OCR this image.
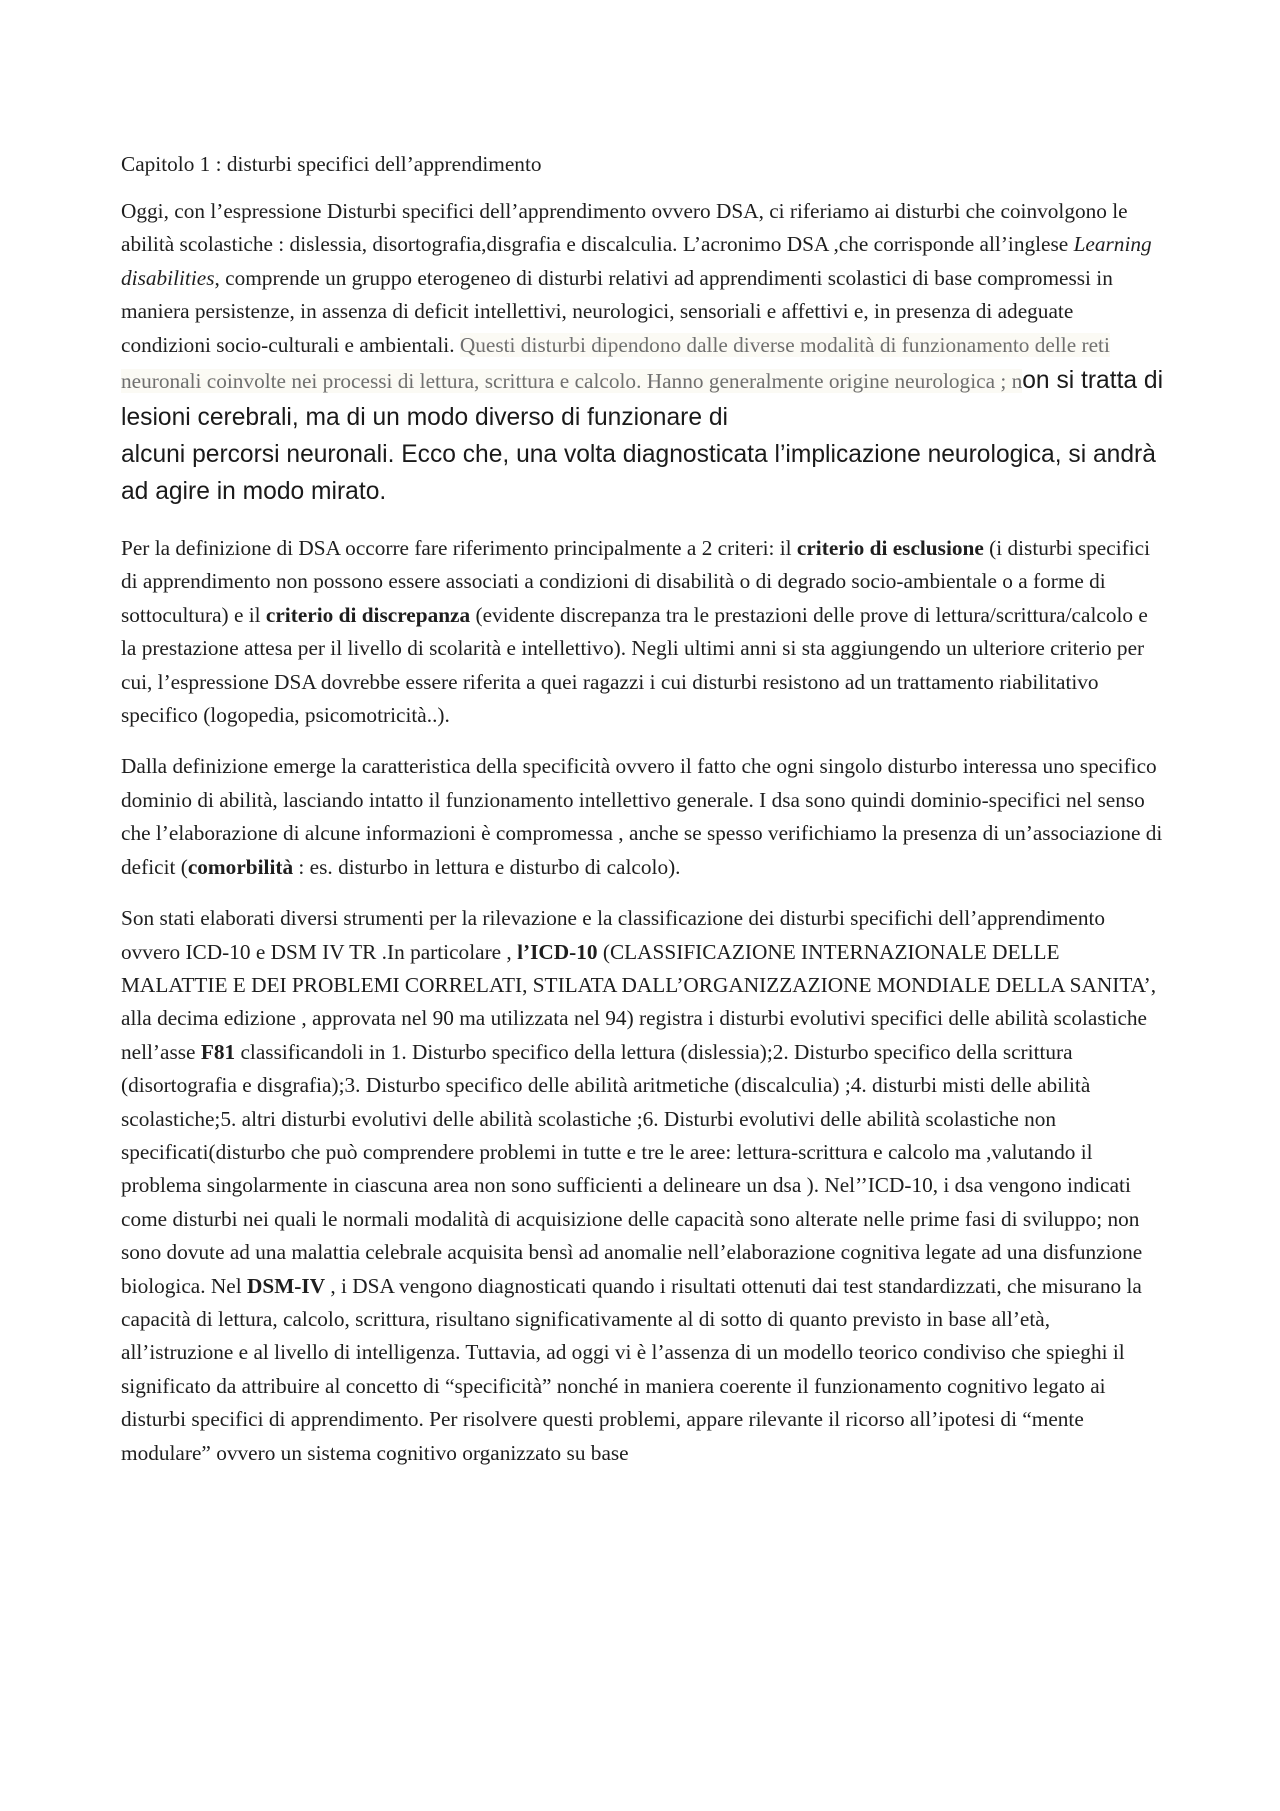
Capitolo 1 : disturbi specifici dell’apprendimento

Oggi, con l’espressione Disturbi specifici dell’apprendimento ovvero DSA, ci riferiamo ai disturbi che coinvolgono le abilità scolastiche : dislessia, disortografia,disgrafia e discalculia. L’acronimo DSA ,che corrisponde all’inglese Learning disabilities, comprende un gruppo eterogeneo di disturbi relativi ad apprendimenti scolastici di base compromessi in maniera persistenze, in assenza di deficit intellettivi, neurologici, sensoriali e affettivi e, in presenza di adeguate condizioni socio-culturali e ambientali. Questi disturbi dipendono dalle diverse modalità di funzionamento delle reti neuronali coinvolte nei processi di lettura, scrittura e calcolo. Hanno generalmente origine neurologica ; non si tratta di lesioni cerebrali, ma di un modo diverso di funzionare di
alcuni percorsi neuronali. Ecco che, una volta diagnosticata l’implicazione neurologica, si andrà ad agire in modo mirato.

Per la definizione di DSA occorre fare riferimento principalmente a 2 criteri: il criterio di esclusione (i disturbi specifici di apprendimento non possono essere associati a condizioni di disabilità o di degrado socio-ambientale o a forme di sottocultura) e il criterio di discrepanza (evidente discrepanza tra le prestazioni delle prove di lettura/scrittura/calcolo e la prestazione attesa per il livello di scolarità e intellettivo). Negli ultimi anni si sta aggiungendo un ulteriore criterio per cui, l’espressione DSA dovrebbe essere riferita a quei ragazzi i cui disturbi resistono ad un trattamento riabilitativo specifico (logopedia, psicomotricità..).

Dalla definizione emerge la caratteristica della specificità ovvero il fatto che ogni singolo disturbo interessa uno specifico dominio di abilità, lasciando intatto il funzionamento intellettivo generale. I dsa sono quindi dominio-specifici nel senso che l’elaborazione di alcune informazioni è compromessa , anche se spesso verifichiamo la presenza di un’associazione di deficit (comorbilità : es. disturbo in lettura e disturbo di calcolo).

Son stati elaborati diversi strumenti per la rilevazione e la classificazione dei disturbi specifichi dell’apprendimento ovvero ICD-10 e DSM IV TR .In particolare , l’ICD-10 (CLASSIFICAZIONE INTERNAZIONALE DELLE MALATTIE E DEI PROBLEMI CORRELATI, STILATA DALL’ORGANIZZAZIONE MONDIALE DELLA SANITA’, alla decima edizione , approvata nel 90 ma utilizzata nel 94) registra i disturbi evolutivi specifici delle abilità scolastiche nell’asse F81 classificandoli in 1. Disturbo specifico della lettura (dislessia);2. Disturbo specifico della scrittura (disortografia e disgrafia);3. Disturbo specifico delle abilità aritmetiche (discalculia) ;4. disturbi misti delle abilità scolastiche;5. altri disturbi evolutivi delle abilità scolastiche ;6. Disturbi evolutivi delle abilità scolastiche non specificati(disturbo che può comprendere problemi in tutte e tre le aree: lettura-scrittura e calcolo ma ,valutando il problema singolarmente in ciascuna area non sono sufficienti a delineare un dsa ). Nel’’ICD-10, i dsa vengono indicati come disturbi nei quali le normali modalità di acquisizione delle capacità sono alterate nelle prime fasi di sviluppo; non sono dovute ad una malattia celebrale acquisita bensì ad anomalie nell’elaborazione cognitiva legate ad una disfunzione biologica. Nel DSM-IV , i DSA vengono diagnosticati quando i risultati ottenuti dai test standardizzati, che misurano la capacità di lettura, calcolo, scrittura, risultano significativamente al di sotto di quanto previsto in base all’età, all’istruzione e al livello di intelligenza. Tuttavia, ad oggi vi è l’assenza di un modello teorico condiviso che spieghi il significato da attribuire al concetto di “specificità” nonché in maniera coerente il funzionamento cognitivo legato ai disturbi specifici di apprendimento. Per risolvere questi problemi, appare rilevante il ricorso all’ipotesi di “mente modulare” ovvero un sistema cognitivo organizzato su base
